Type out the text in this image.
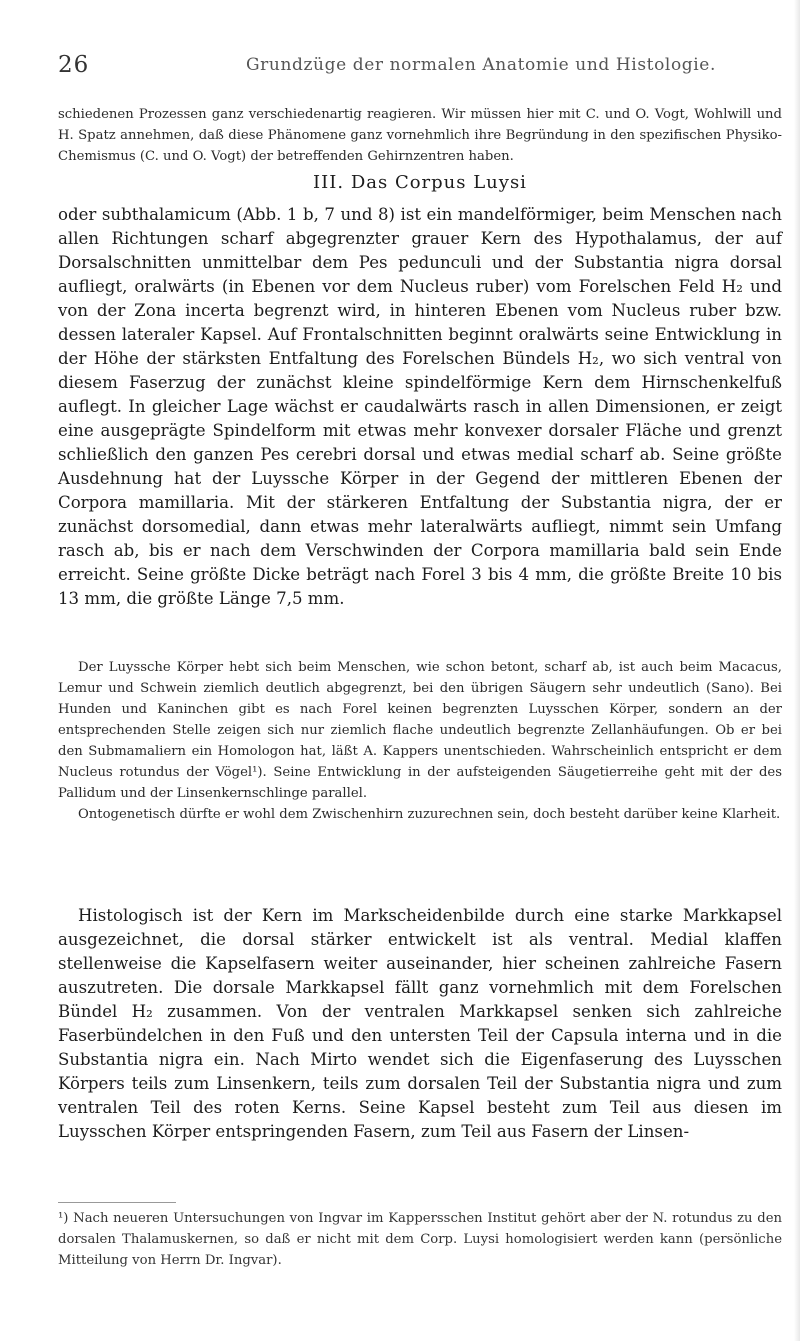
26	Grundzüge der normalen Anatomie und Histologie.

schiedenen Prozessen ganz verschiedenartig reagieren. Wir müssen hier mit C. und O. Vogt, Wohlwill und H. Spatz annehmen, daß diese Phänomene ganz vornehmlich ihre Begründung in den spezifischen Physiko-Chemismus (C. und O. Vogt) der betreffenden Gehirnzentren haben.

III. Das Corpus Luysi

oder subthalamicum (Abb. 1 b, 7 und 8) ist ein mandelförmiger, beim Menschen nach allen Richtungen scharf abgegrenzter grauer Kern des Hypothalamus, der auf Dorsalschnitten unmittelbar dem Pes pedunculi und der Substantia nigra dorsal aufliegt, oralwärts (in Ebenen vor dem Nucleus ruber) vom Forelschen Feld H₂ und von der Zona incerta begrenzt wird, in hinteren Ebenen vom Nucleus ruber bzw. dessen lateraler Kapsel. Auf Frontalschnitten beginnt oralwärts seine Entwicklung in der Höhe der stärksten Entfaltung des Forelschen Bündels H₂, wo sich ventral von diesem Faserzug der zunächst kleine spindelförmige Kern dem Hirnschenkelfuß auflegt. In gleicher Lage wächst er caudalwärts rasch in allen Dimensionen, er zeigt eine ausgeprägte Spindelform mit etwas mehr konvexer dorsaler Fläche und grenzt schließlich den ganzen Pes cerebri dorsal und etwas medial scharf ab. Seine größte Ausdehnung hat der Luyssche Körper in der Gegend der mittleren Ebenen der Corpora mamillaria. Mit der stärkeren Entfaltung der Substantia nigra, der er zunächst dorsomedial, dann etwas mehr lateralwärts aufliegt, nimmt sein Umfang rasch ab, bis er nach dem Verschwinden der Corpora mamillaria bald sein Ende erreicht. Seine größte Dicke beträgt nach Forel 3 bis 4 mm, die größte Breite 10 bis 13 mm, die größte Länge 7,5 mm.

Der Luyssche Körper hebt sich beim Menschen, wie schon betont, scharf ab, ist auch beim Macacus, Lemur und Schwein ziemlich deutlich abgegrenzt, bei den übrigen Säugern sehr undeutlich (Sano). Bei Hunden und Kaninchen gibt es nach Forel keinen begrenzten Luysschen Körper, sondern an der entsprechenden Stelle zeigen sich nur ziemlich flache undeutlich begrenzte Zellanhäufungen. Ob er bei den Submamaliern ein Homologon hat, läßt A. Kappers unentschieden. Wahrscheinlich entspricht er dem Nucleus rotundus der Vögel¹). Seine Entwicklung in der aufsteigenden Säugetierreihe geht mit der des Pallidum und der Linsenkernschlinge parallel.

Ontogenetisch dürfte er wohl dem Zwischenhirn zuzurechnen sein, doch besteht darüber keine Klarheit.

Histologisch ist der Kern im Markscheidenbilde durch eine starke Markkapsel ausgezeichnet, die dorsal stärker entwickelt ist als ventral. Medial klaffen stellenweise die Kapselfasern weiter auseinander, hier scheinen zahlreiche Fasern auszutreten. Die dorsale Markkapsel fällt ganz vornehmlich mit dem Forelschen Bündel H₂ zusammen. Von der ventralen Markkapsel senken sich zahlreiche Faserbündelchen in den Fuß und den untersten Teil der Capsula interna und in die Substantia nigra ein. Nach Mirto wendet sich die Eigenfaserung des Luysschen Körpers teils zum Linsenkern, teils zum dorsalen Teil der Substantia nigra und zum ventralen Teil des roten Kerns. Seine Kapsel besteht zum Teil aus diesen im Luysschen Körper entspringenden Fasern, zum Teil aus Fasern der Linsen-

¹) Nach neueren Untersuchungen von Ingvar im Kappersschen Institut gehört aber der N. rotundus zu den dorsalen Thalamuskernen, so daß er nicht mit dem Corp. Luysi homologisiert werden kann (persönliche Mitteilung von Herrn Dr. Ingvar).
